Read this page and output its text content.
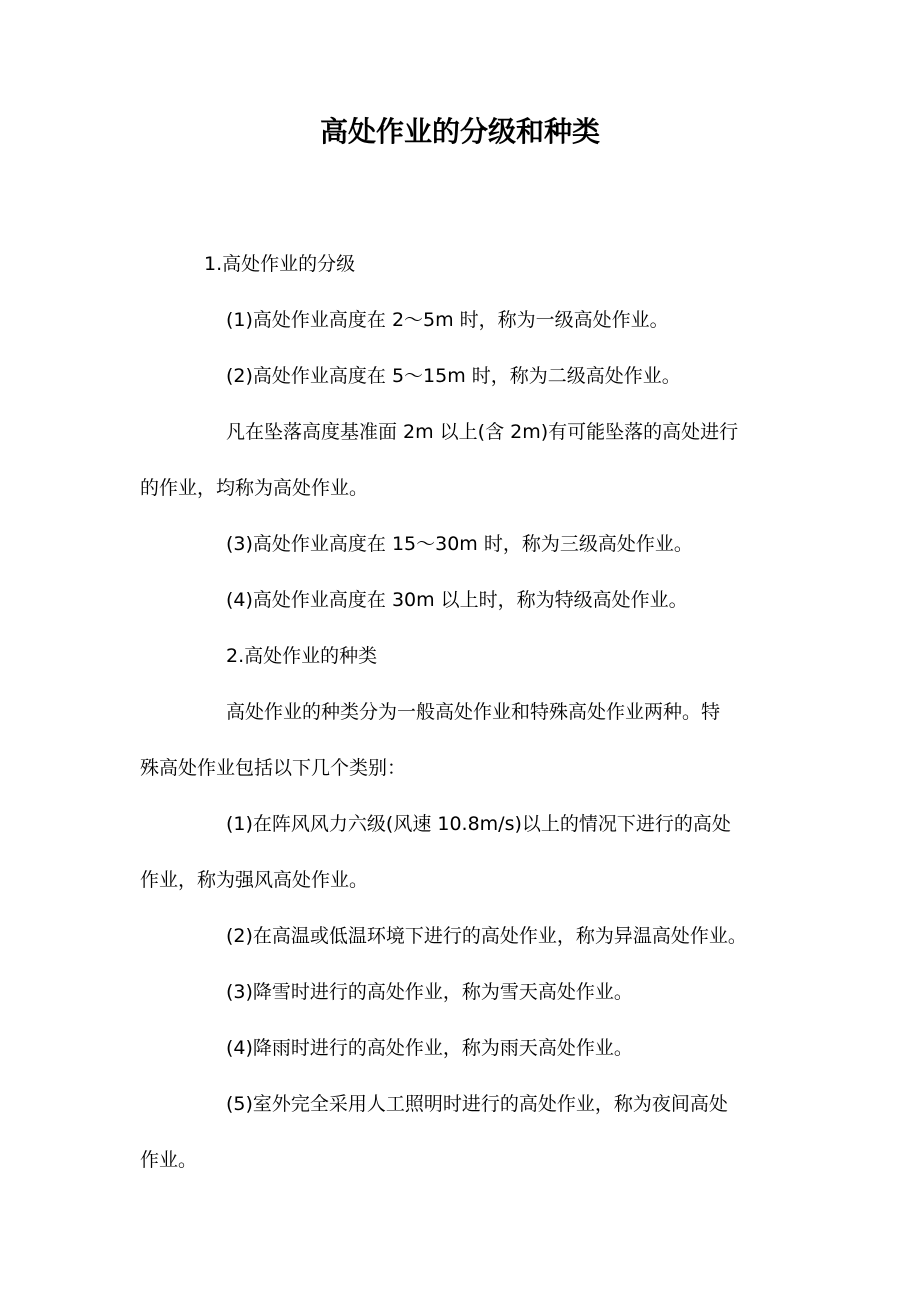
高处作业的分级和种类
1.高处作业的分级
(1)高处作业高度在 2～5m 时，称为一级高处作业。
(2)高处作业高度在 5～15m 时，称为二级高处作业。
凡在坠落高度基准面 2m 以上(含 2m)有可能坠落的高处进行
的作业，均称为高处作业。
(3)高处作业高度在 15～30m 时，称为三级高处作业。
(4)高处作业高度在 30m 以上时，称为特级高处作业。
2.高处作业的种类
高处作业的种类分为一般高处作业和特殊高处作业两种。特
殊高处作业包括以下几个类别：
(1)在阵风风力六级(风速 10.8m/s)以上的情况下进行的高处
作业，称为强风高处作业。
(2)在高温或低温环境下进行的高处作业，称为异温高处作业。
(3)降雪时进行的高处作业，称为雪天高处作业。
(4)降雨时进行的高处作业，称为雨天高处作业。
(5)室外完全采用人工照明时进行的高处作业，称为夜间高处
作业。
